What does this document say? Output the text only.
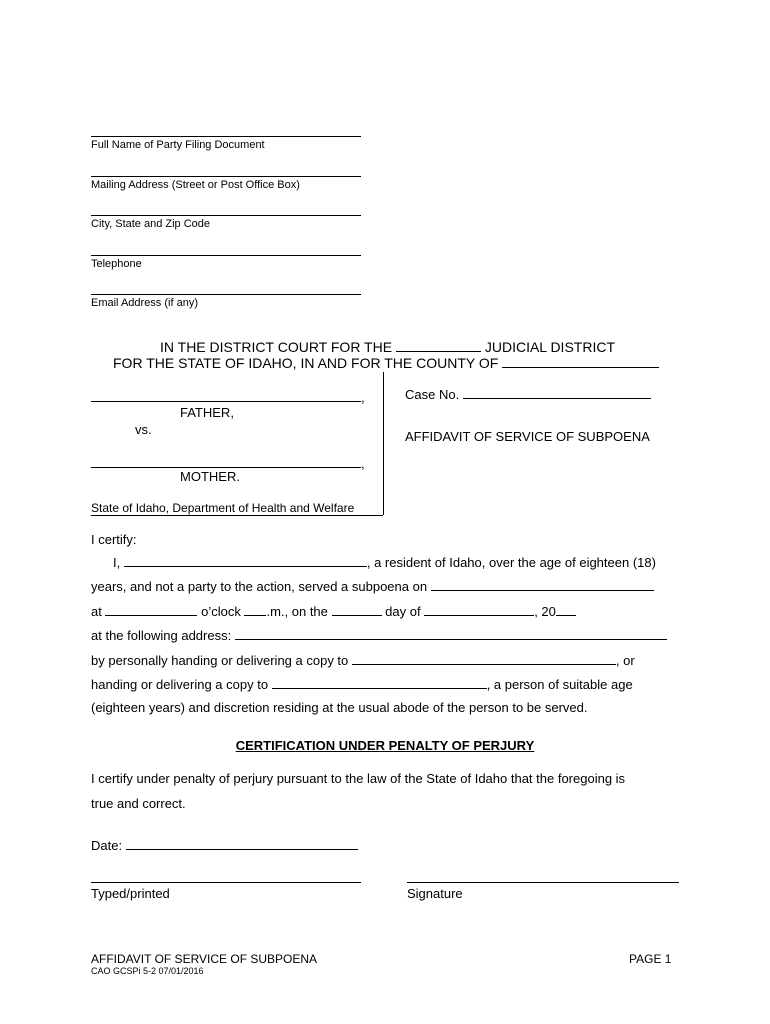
Full Name of Party Filing Document
Mailing Address (Street or Post Office Box)
City, State and Zip Code
Telephone
Email Address (if any)
IN THE DISTRICT COURT FOR THE	JUDICIAL DISTRICT
FOR THE STATE OF IDAHO, IN AND FOR THE COUNTY OF
,
FATHER,
vs.
,
MOTHER.
State of Idaho, Department of Health and Welfare
Case No.
AFFIDAVIT OF SERVICE OF SUBPOENA
I certify:
I,	, a resident of Idaho, over the age of eighteen (18)
years, and not a party to the action, served a subpoena on
at	o’clock .m., on the	day of	, 20
at the following address:
by personally handing or delivering a copy to	, or
handing or delivering a copy to	, a person of suitable age
(eighteen years) and discretion residing at the usual abode of the person to be served.
CERTIFICATION UNDER PENALTY OF PERJURY
I certify under penalty of perjury pursuant to the law of the State of Idaho that the foregoing is
true and correct.
Date:
Typed/printed	Signature
AFFIDAVIT OF SERVICE OF SUBPOENA	PAGE 1
CAO GCSPi 5-2 07/01/2016
